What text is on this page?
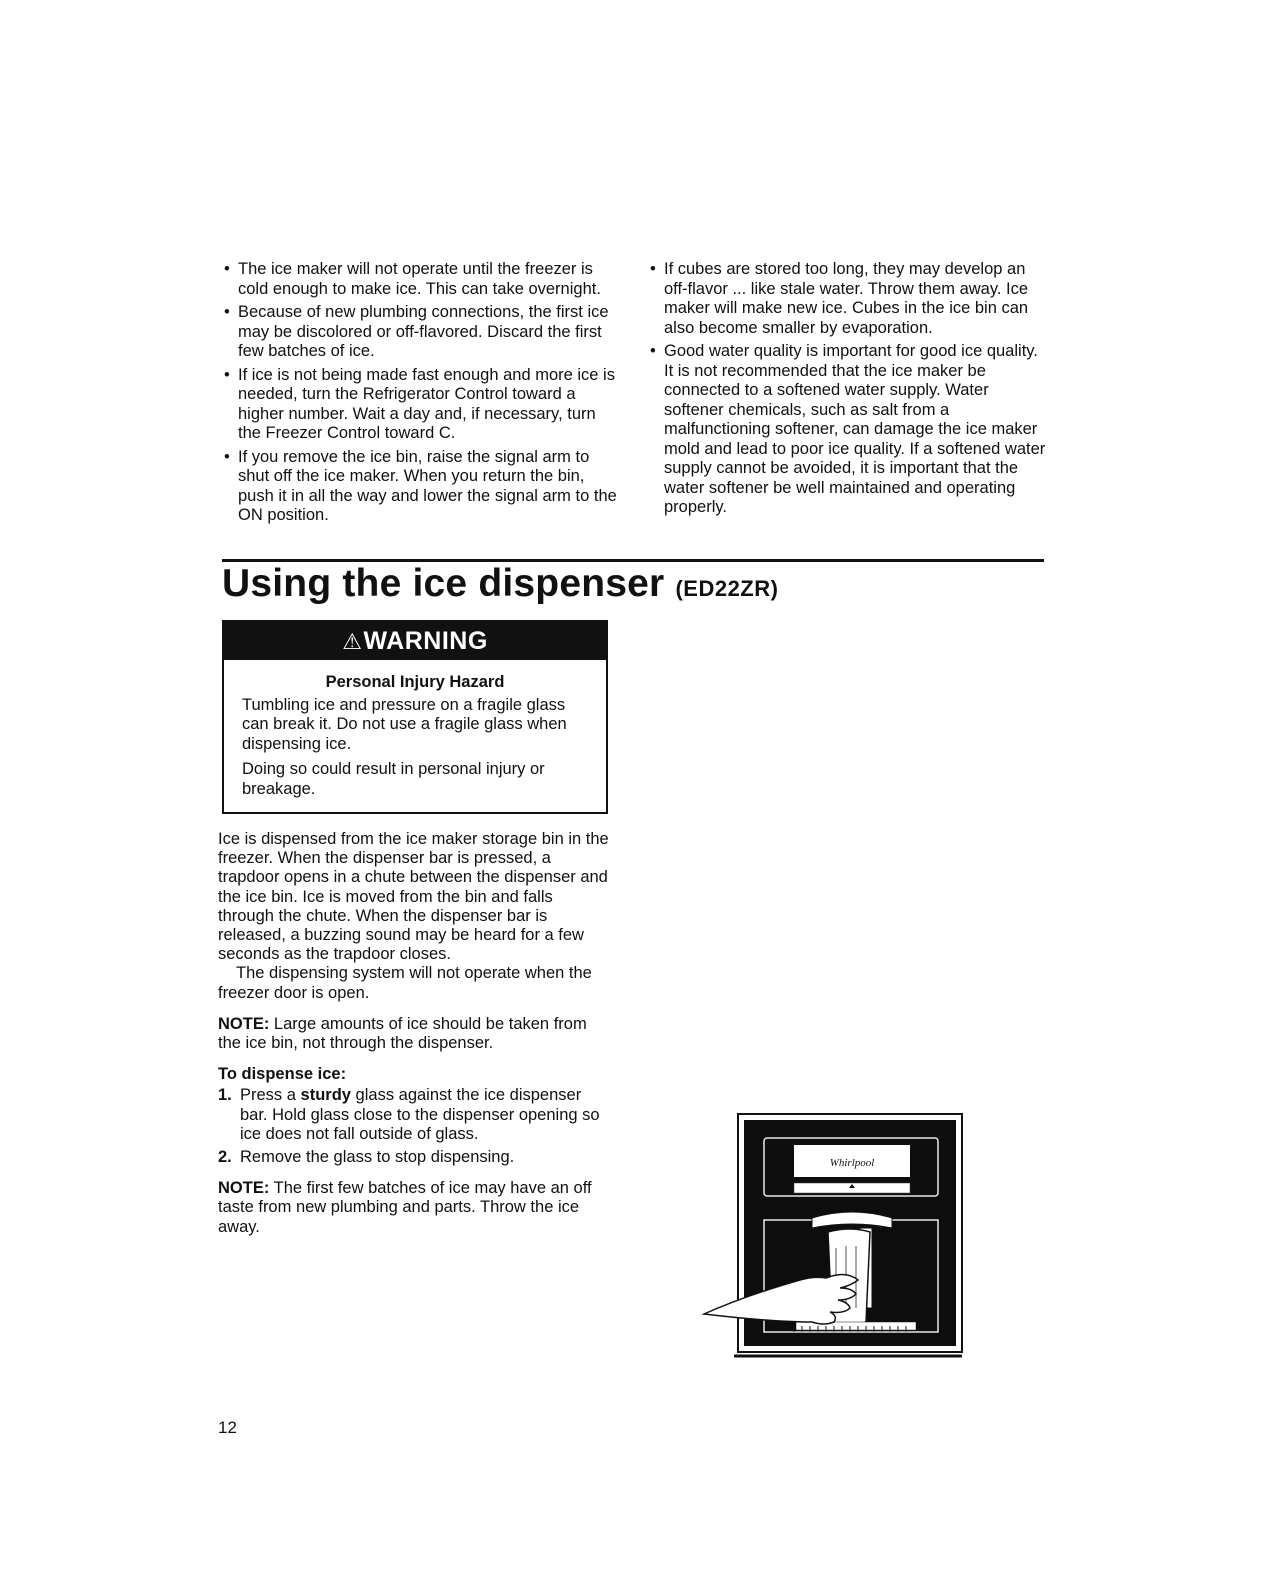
• The ice maker will not operate until the freezer is cold enough to make ice. This can take overnight.
• Because of new plumbing connections, the first ice may be discolored or off-flavored. Discard the first few batches of ice.
• If ice is not being made fast enough and more ice is needed, turn the Refrigerator Control toward a higher number. Wait a day and, if necessary, turn the Freezer Control toward C.
• If you remove the ice bin, raise the signal arm to shut off the ice maker. When you return the bin, push it in all the way and lower the signal arm to the ON position.
• If cubes are stored too long, they may develop an off-flavor ... like stale water. Throw them away. Ice maker will make new ice. Cubes in the ice bin can also become smaller by evaporation.
• Good water quality is important for good ice quality. It is not recommended that the ice maker be connected to a softened water supply. Water softener chemicals, such as salt from a malfunctioning softener, can damage the ice maker mold and lead to poor ice quality. If a softened water supply cannot be avoided, it is important that the water softener be well maintained and operating properly.
Using the ice dispenser (ED22ZR)
⚠WARNING
Personal Injury Hazard

Tumbling ice and pressure on a fragile glass can break it. Do not use a fragile glass when dispensing ice.

Doing so could result in personal injury or breakage.

Ice is dispensed from the ice maker storage bin in the freezer. When the dispenser bar is pressed, a trapdoor opens in a chute between the dispenser and the ice bin. Ice is moved from the bin and falls through the chute. When the dispenser bar is released, a buzzing sound may be heard for a few seconds as the trapdoor closes.

The dispensing system will not operate when the freezer door is open.

NOTE: Large amounts of ice should be taken from the ice bin, not through the dispenser.

To dispense ice:

1. Press a sturdy glass against the ice dispenser bar. Hold glass close to the dispenser opening so ice does not fall outside of glass.
2. Remove the glass to stop dispensing.

NOTE: The first few batches of ice may have an off taste from new plumbing and parts. Throw the ice away.

Whirlpool
12
